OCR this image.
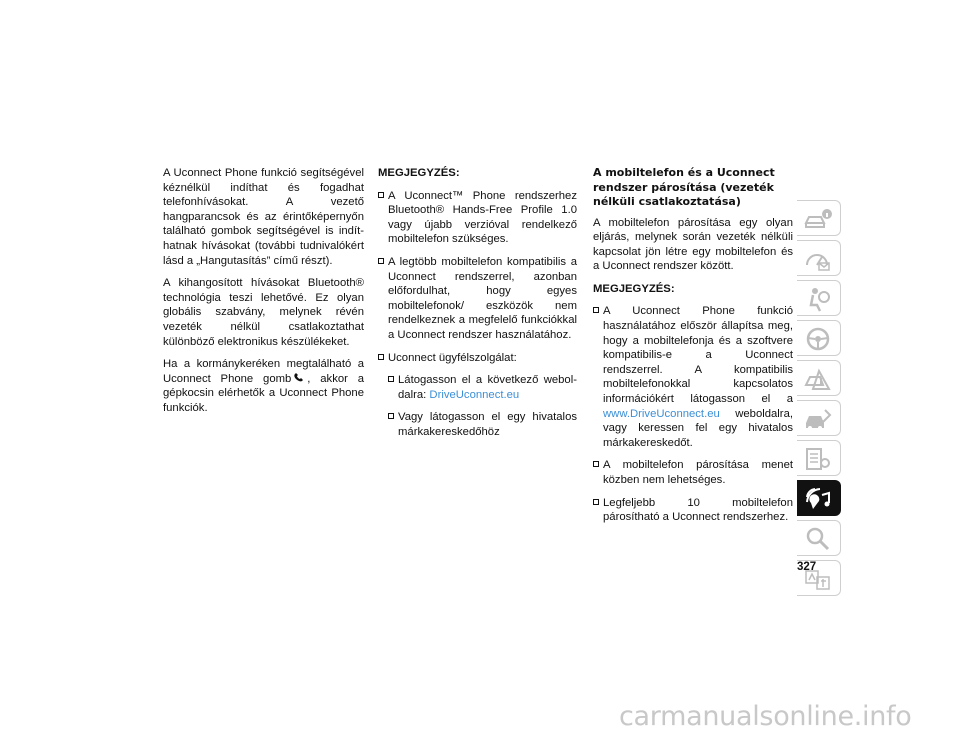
A Uconnect Phone funkció segítségével kéznélkül indíthat és fogadhat telefonhívásokat. A vezető hangparancsok és az érintőképernyőn található gombok segítségével is indíthatnak hívásokat (további tudnivalókért lásd a „Hangutasítás” című részt).

A kihangosított hívásokat Bluetooth® technológia teszi lehetővé. Ez olyan globális szabvány, melynek révén vezeték nélkül csatlakoztathat különböző elektronikus készülékeket.

Ha a kormánykeréken megtalálható a Uconnect Phone gomb , akkor a gépkocsin elérhetők a Uconnect Phone funkciók.

MEGJEGYZÉS:
A Uconnect™ Phone rendszerhez Bluetooth® Hands-Free Profile 1.0 vagy újabb verzióval rendelkező mobiltelefon szükséges.
A legtöbb mobiltelefon kompatibilis a Uconnect rendszerrel, azonban előfordulhat, hogy egyes mobiltelefonok/ eszközök nem rendelkeznek a megfelelő funkciókkal a Uconnect rendszer használatához.
Uconnect ügyfélszolgálat:
Látogasson el a következő weboldalra: DriveUconnect.eu
Vagy látogasson el egy hivatalos márkakereskedőhöz
A mobiltelefon és a Uconnect rendszer párosítása (vezeték nélküli csatlakoztatása)

A mobiltelefon párosítása egy olyan eljárás, melynek során vezeték nélküli kapcsolat jön létre egy mobiltelefon és a Uconnect rendszer között.

MEGJEGYZÉS:
A Uconnect Phone funkció használatához először állapítsa meg, hogy a mobiltelefonja és a szoftvere kompatibilis-e a Uconnect rendszerrel. A kompatibilis mobiltelefonokkal kapcsolatos információkért látogasson el a www.DriveUconnect.eu weboldalra, vagy keressen fel egy hivatalos márkakereskedőt.
A mobiltelefon párosítása menet közben nem lehetséges.
Legfeljebb 10 mobiltelefon párosítható a Uconnect rendszerhez.
327
carmanualsonline.info
